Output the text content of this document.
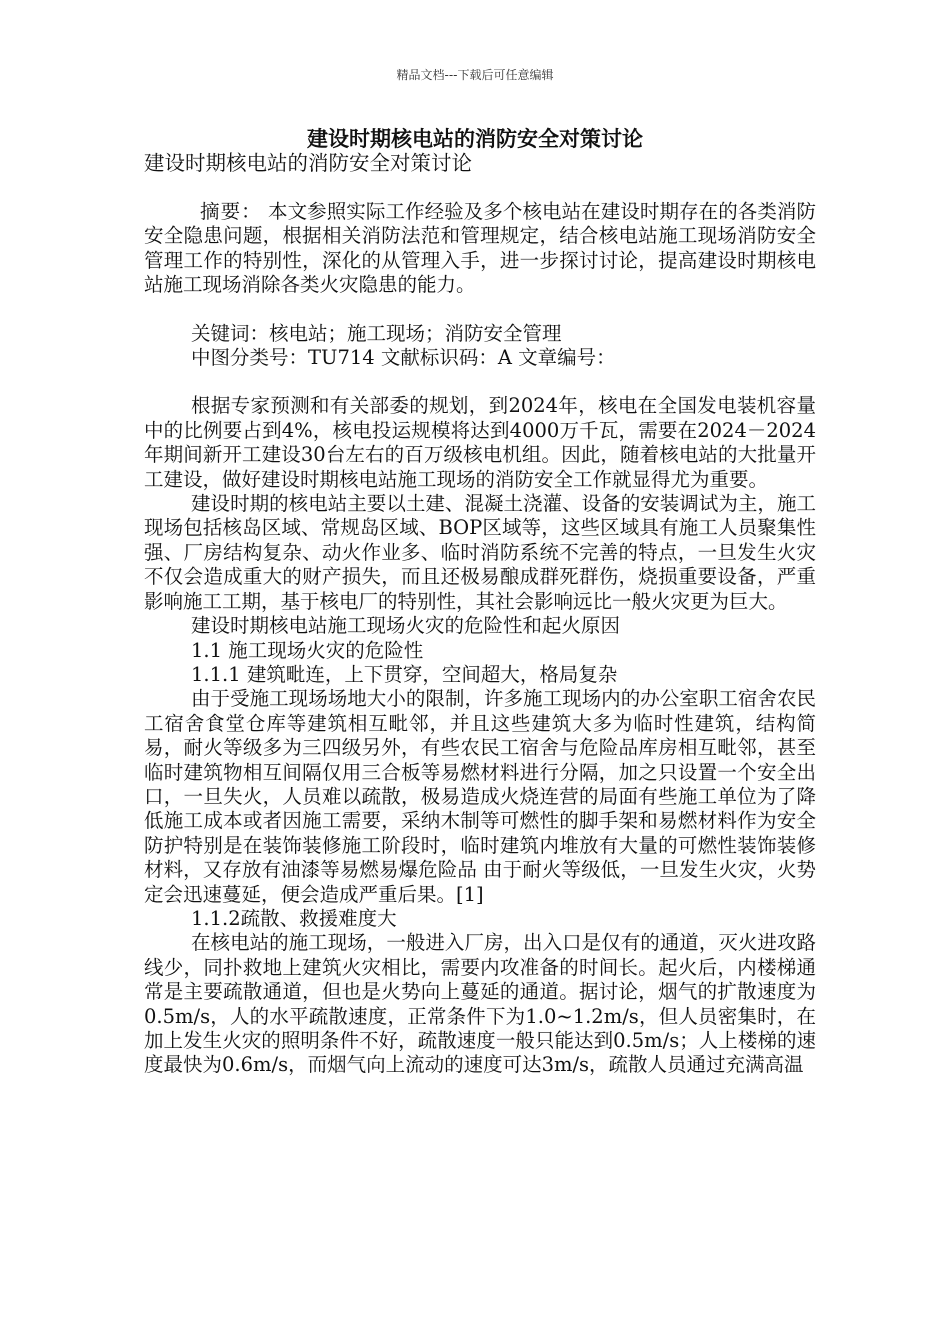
精品文档---下载后可任意编辑
建设时期核电站的消防安全对策讨论

建设时期核电站的消防安全对策讨论

摘要： 本文参照实际工作经验及多个核电站在建设时期存在的各类消防安全隐患问题，根据相关消防法范和管理规定，结合核电站施工现场消防安全管理工作的特别性，深化的从管理入手，进一步探讨讨论，提高建设时期核电站施工现场消除各类火灾隐患的能力。

关键词：核电站；施工现场；消防安全管理

中图分类号：TU714 文献标识码：A 文章编号：

根据专家预测和有关部委的规划，到2024年，核电在全国发电装机容量中的比例要占到4%，核电投运规模将达到4000万千瓦，需要在2024－2024年期间新开工建设30台左右的百万级核电机组。因此，随着核电站的大批量开工建设，做好建设时期核电站施工现场的消防安全工作就显得尤为重要。

建设时期的核电站主要以土建、混凝土浇灌、设备的安装调试为主，施工现场包括核岛区域、常规岛区域、BOP区域等，这些区域具有施工人员聚集性强、厂房结构复杂、动火作业多、临时消防系统不完善的特点，一旦发生火灾不仅会造成重大的财产损失，而且还极易酿成群死群伤，烧损重要设备，严重影响施工工期，基于核电厂的特别性，其社会影响远比一般火灾更为巨大。

建设时期核电站施工现场火灾的危险性和起火原因

1.1 施工现场火灾的危险性

1.1.1 建筑毗连，上下贯穿，空间超大，格局复杂

由于受施工现场场地大小的限制，许多施工现场内的办公室职工宿舍农民工宿舍食堂仓库等建筑相互毗邻，并且这些建筑大多为临时性建筑，结构简易，耐火等级多为三四级另外，有些农民工宿舍与危险品库房相互毗邻，甚至临时建筑物相互间隔仅用三合板等易燃材料进行分隔，加之只设置一个安全出口，一旦失火，人员难以疏散，极易造成火烧连营的局面有些施工单位为了降低施工成本或者因施工需要，采纳木制等可燃性的脚手架和易燃材料作为安全防护特别是在装饰装修施工阶段时，临时建筑内堆放有大量的可燃性装饰装修材料，又存放有油漆等易燃易爆危险品 由于耐火等级低，一旦发生火灾，火势定会迅速蔓延，便会造成严重后果。[1]

1.1.2疏散、救援难度大

在核电站的施工现场，一般进入厂房，出入口是仅有的通道，灭火进攻路线少，同扑救地上建筑火灾相比，需要内攻准备的时间长。起火后，内楼梯通常是主要疏散通道，但也是火势向上蔓延的通道。据讨论，烟气的扩散速度为0.5m/s，人的水平疏散速度，正常条件下为1.0~1.2m/s，但人员密集时，在加上发生火灾的照明条件不好，疏散速度一般只能达到0.5m/s；人上楼梯的速度最快为0.6m/s，而烟气向上流动的速度可达3m/s，疏散人员通过充满高温
